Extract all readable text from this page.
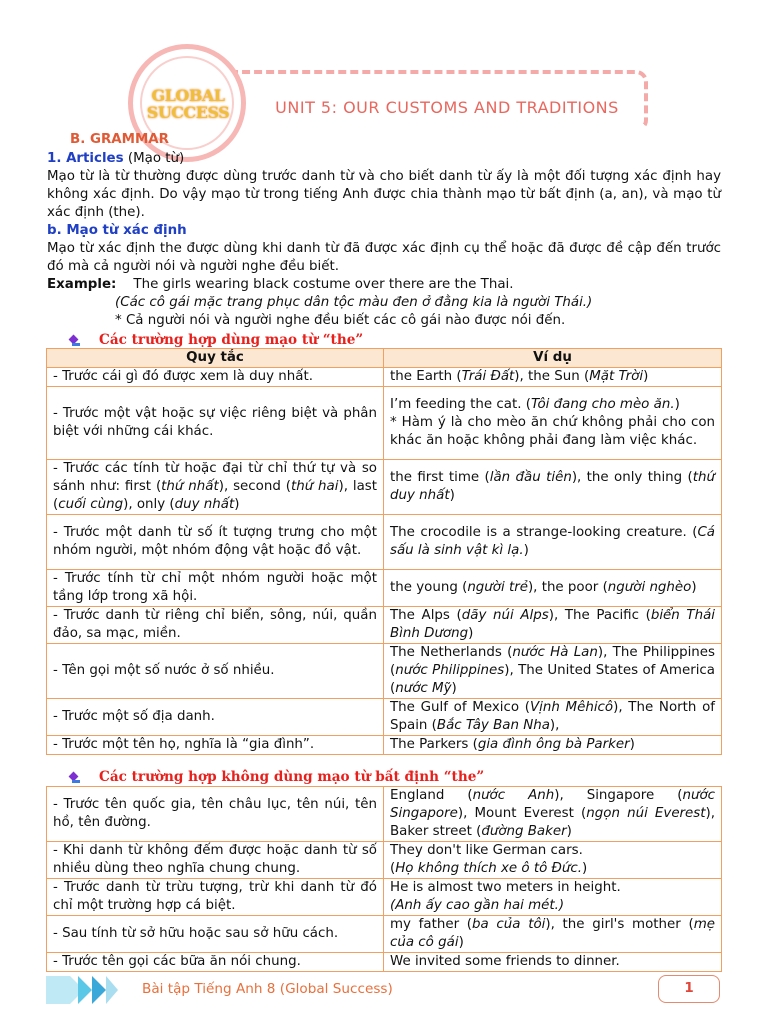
UNIT 5: OUR CUSTOMS AND TRADITIONS
GLOBAL SUCCESS
B. GRAMMAR
1. Articles (Mạo từ)
Mạo từ là từ thường được dùng trước danh từ và cho biết danh từ ấy là một đối tượng xác định hay không xác định. Do vậy mạo từ trong tiếng Anh được chia thành mạo từ bất định (a, an), và mạo từ xác định (the).
b. Mạo từ xác định
Mạo từ xác định the được dùng khi danh từ đã được xác định cụ thể hoặc đã được đề cập đến trước đó mà cả người nói và người nghe đều biết.
Example: The girls wearing black costume over there are the Thai.
(Các cô gái mặc trang phục dân tộc màu đen ở đằng kia là người Thái.)
* Cả người nói và người nghe đều biết các cô gái nào được nói đến.
Các trường hợp dùng mạo từ “the”
Quy tắc	Ví dụ
- Trước cái gì đó được xem là duy nhất.	the Earth (Trái Đất), the Sun (Mặt Trời)
- Trước một vật hoặc sự việc riêng biệt và phân biệt với những cái khác.	I’m feeding the cat. (Tôi đang cho mèo ăn.)
* Hàm ý là cho mèo ăn chứ không phải cho con khác ăn hoặc không phải đang làm việc khác.
- Trước các tính từ hoặc đại từ chỉ thứ tự và so sánh như: first (thứ nhất), second (thứ hai), last (cuối cùng), only (duy nhất)	the first time (lần đầu tiên), the only thing (thứ duy nhất)
- Trước một danh từ số ít tượng trưng cho một nhóm người, một nhóm động vật hoặc đồ vật.	The crocodile is a strange-looking creature. (Cá sấu là sinh vật kì lạ.)
- Trước tính từ chỉ một nhóm người hoặc một tầng lớp trong xã hội.	the young (người trẻ), the poor (người nghèo)
- Trước danh từ riêng chỉ biển, sông, núi, quần đảo, sa mạc, miền.	The Alps (dãy núi Alps), The Pacific (biển Thái Bình Dương)
- Tên gọi một số nước ở số nhiều.	The Netherlands (nước Hà Lan), The Philippines (nước Philippines), The United States of America (nước Mỹ)
- Trước một số địa danh.	The Gulf of Mexico (Vịnh Mêhicô), The North of Spain (Bắc Tây Ban Nha),
- Trước một tên họ, nghĩa là “gia đình”.	The Parkers (gia đình ông bà Parker)
Các trường hợp không dùng mạo từ bất định “the”
- Trước tên quốc gia, tên châu lục, tên núi, tên hồ, tên đường.	England (nước Anh), Singapore (nước Singapore), Mount Everest (ngọn núi Everest), Baker street (đường Baker)
- Khi danh từ không đếm được hoặc danh từ số nhiều dùng theo nghĩa chung chung.	They don't like German cars.
(Họ không thích xe ô tô Đức.)
- Trước danh từ trừu tượng, trừ khi danh từ đó chỉ một trường hợp cá biệt.	He is almost two meters in height.
(Anh ấy cao gần hai mét.)
- Sau tính từ sở hữu hoặc sau sở hữu cách.	my father (ba của tôi), the girl's mother (mẹ của cô gái)
- Trước tên gọi các bữa ăn nói chung.	We invited some friends to dinner.
Bài tập Tiếng Anh 8 (Global Success)	1
